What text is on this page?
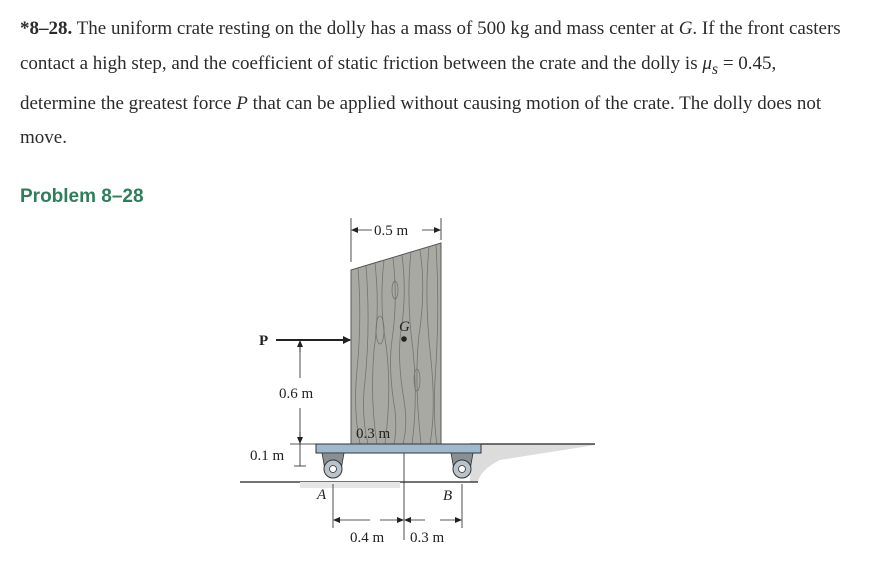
*8–28. The uniform crate resting on the dolly has a mass of 500 kg and mass center at G. If the front casters contact a high step, and the coefficient of static friction between the crate and the dolly is $\mu_s = 0.45$, determine the greatest force P that can be applied without causing motion of the crate. The dolly does not move.
Problem 8–28
G
0.5 m
P
0.6 m
0.1 m
0.3 m
A	B
0.4 m 0.3 m
